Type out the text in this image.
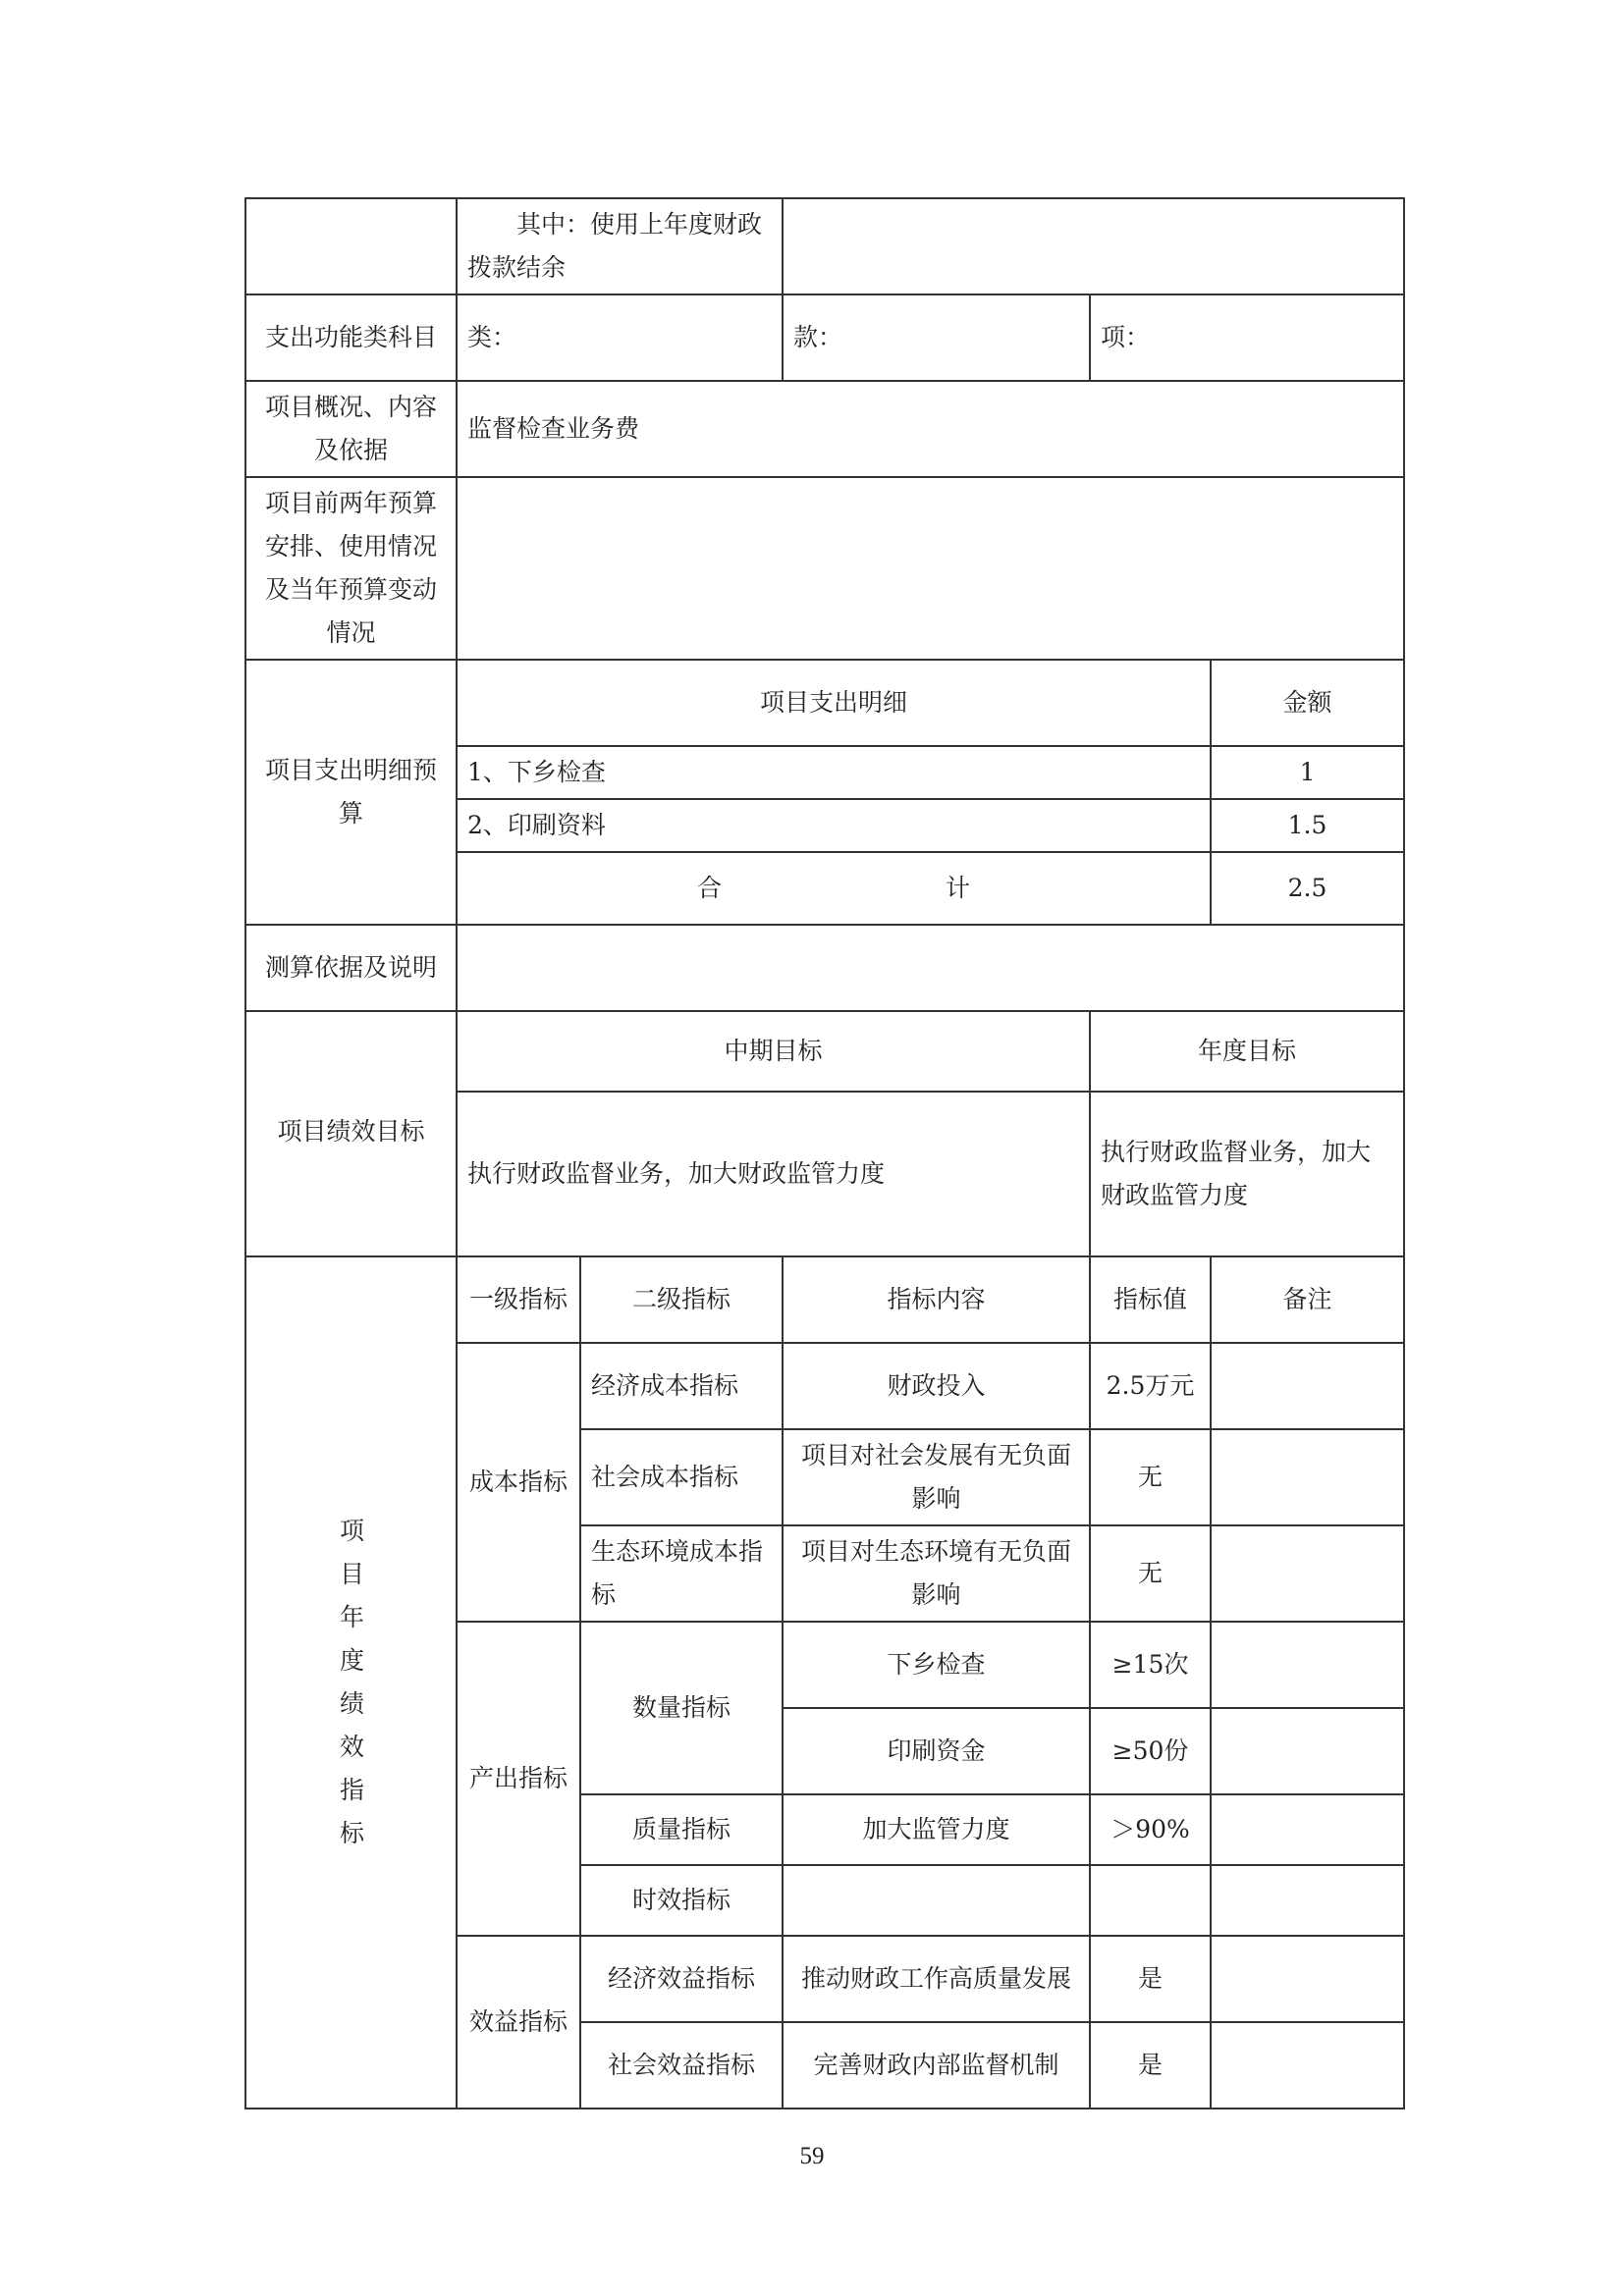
	其中：使用上年度财政拨款结余				
支出功能类科目	类：		款：	项：	
项目概况、内容及依据	监督检查业务费				
项目前两年预算安排、使用情况及当年预算变动情况					
项目支出明细预算	项目支出明细				金额
	1、下乡检查				1
	2、印刷资料				1.5

	合 计				2.5
测算依据及说明					
项目绩效目标	中期目标			年度目标	
	执行财政监督业务，加大财政监管力度			执行财政监督业务，加大财政监管力度	
项目年度绩效指标	一级指标	二级指标	指标内容	指标值	备注
	成本指标	经济成本指标	财政投入	2.5万元	
		社会成本指标	项目对社会发展有无负面影响	无	
		生态环境成本指标	项目对生态环境有无负面影响	无	
	产出指标	数量指标	下乡检查	≥15次	
			印刷资金	≥50份	
		质量指标	加大监管力度	＞90%	
		时效指标			
	效益指标	经济效益指标	推动财政工作高质量发展	是	
		社会效益指标	完善财政内部监督机制	是	
59
